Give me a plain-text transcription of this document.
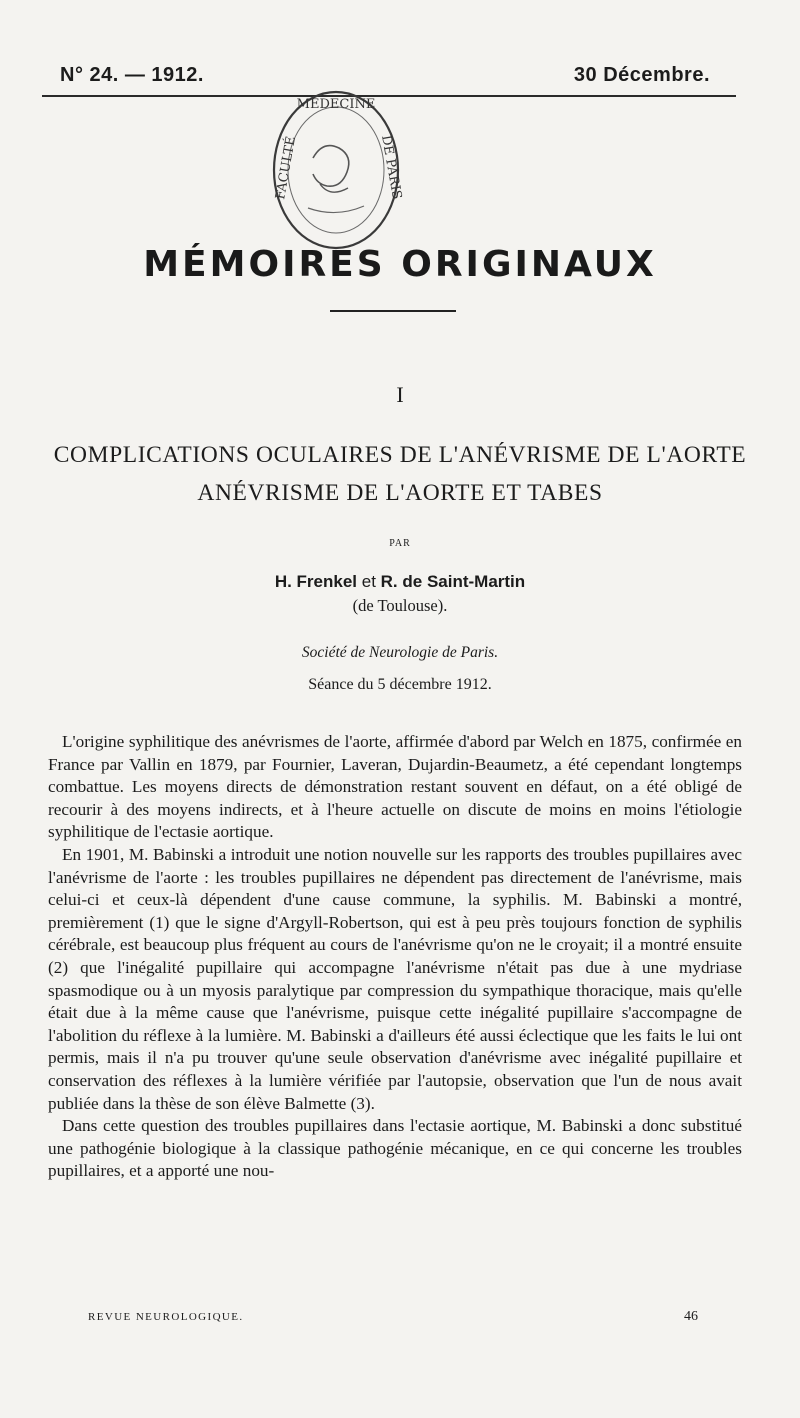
N° 24. — 1912.	30 Décembre.
MÉDECINE
FACULTÉ	DE PARIS
MÉMOIRES ORIGINAUX
I
COMPLICATIONS OCULAIRES DE L'ANÉVRISME DE L'AORTE
ANÉVRISME DE L'AORTE ET TABES
PAR
H. Frenkel et R. de Saint-Martin
(de Toulouse).
Société de Neurologie de Paris.
Séance du 5 décembre 1912.

L'origine syphilitique des anévrismes de l'aorte, affirmée d'abord par Welch en 1875, confirmée en France par Vallin en 1879, par Fournier, Laveran, Dujardin-Beaumetz, a été cependant longtemps combattue. Les moyens directs de démonstration restant souvent en défaut, on a été obligé de recourir à des moyens indirects, et à l'heure actuelle on discute de moins en moins l'étiologie syphilitique de l'ectasie aortique.

En 1901, M. Babinski a introduit une notion nouvelle sur les rapports des troubles pupillaires avec l'anévrisme de l'aorte : les troubles pupillaires ne dépendent pas directement de l'anévrisme, mais celui-ci et ceux-là dépendent d'une cause commune, la syphilis. M. Babinski a montré, premièrement (1) que le signe d'Argyll-Robertson, qui est à peu près toujours fonction de syphilis cérébrale, est beaucoup plus fréquent au cours de l'anévrisme qu'on ne le croyait; il a montré ensuite (2) que l'inégalité pupillaire qui accompagne l'anévrisme n'était pas due à une mydriase spasmodique ou à un myosis paralytique par compression du sympathique thoracique, mais qu'elle était due à la même cause que l'anévrisme, puisque cette inégalité pupillaire s'accompagne de l'abolition du réflexe à la lumière. M. Babinski a d'ailleurs été aussi éclectique que les faits le lui ont permis, mais il n'a pu trouver qu'une seule observation d'anévrisme avec inégalité pupillaire et conservation des réflexes à la lumière vérifiée par l'autopsie, observation que l'un de nous avait publiée dans la thèse de son élève Balmette (3).

Dans cette question des troubles pupillaires dans l'ectasie aortique, M. Babinski a donc substitué une pathogénie biologique à la classique pathogénie mécanique, en ce qui concerne les troubles pupillaires, et a apporté une nou-

REVUE NEUROLOGIQUE.	46
